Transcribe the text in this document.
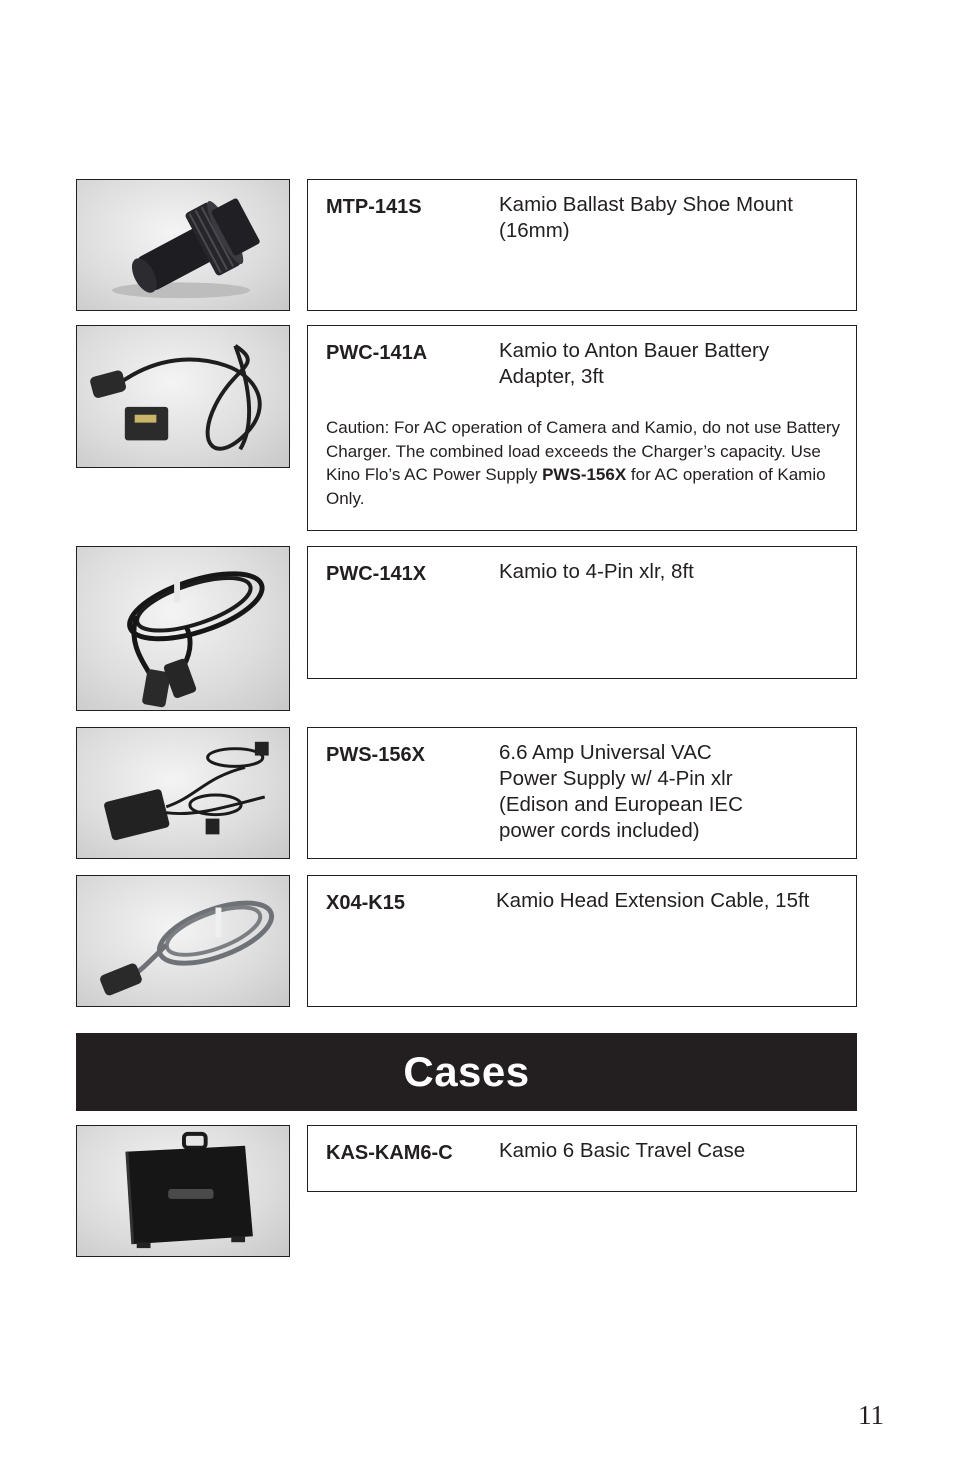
MTP-141S	Kamio Ballast Baby Shoe Mount
(16mm)
PWC-141A	Kamio to Anton Bauer Battery
Adapter, 3ft
Caution: For AC operation of Camera and Kamio, do not use Battery Charger. The combined load exceeds the Charger’s capacity. Use Kino Flo’s AC Power Supply PWS-156X for AC operation of Kamio Only.
PWC-141X	Kamio to 4-Pin xlr, 8ft
PWS-156X	6.6 Amp Universal VAC
Power Supply w/ 4-Pin xlr
(Edison and European IEC
power cords included)
X04-K15	Kamio Head Extension Cable, 15ft
Cases
KAS-KAM6-C Kamio 6 Basic Travel Case
11
